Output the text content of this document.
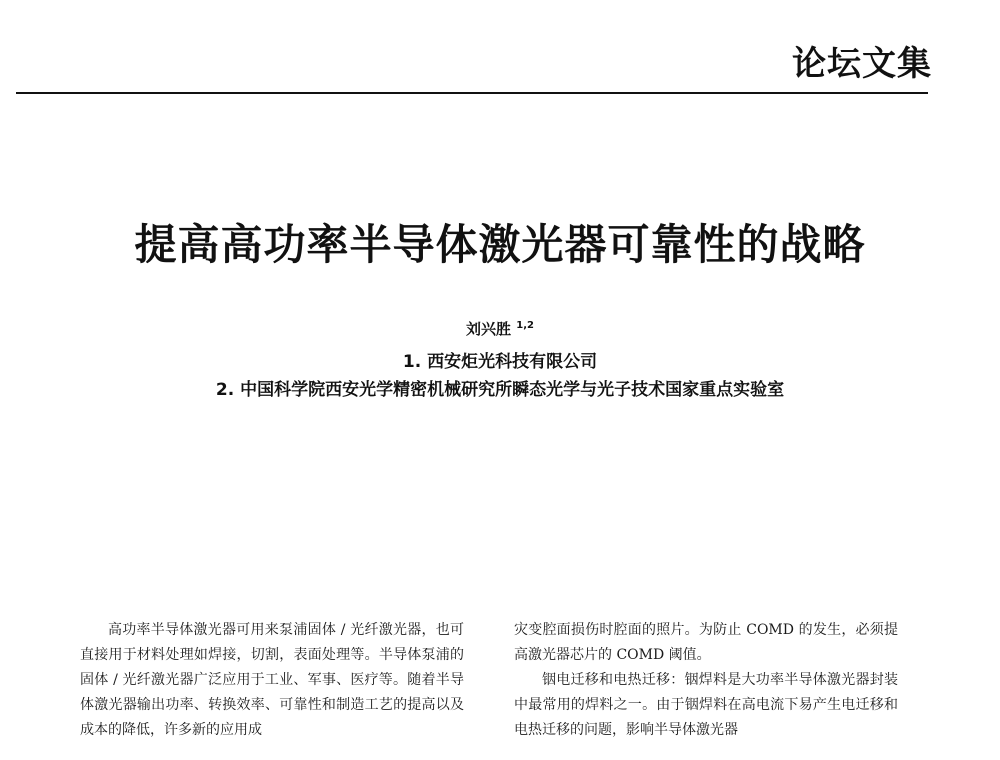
论坛文集
提高高功率半导体激光器可靠性的战略
刘兴胜 $^{1,2}$
1. 西安炬光科技有限公司
2. 中国科学院西安光学精密机械研究所瞬态光学与光子技术国家重点实验室

高功率半导体激光器可用来泵浦固体 / 光纤激光器，也可直接用于材料处理如焊接，切割，表面处理等。半导体泵浦的固体 / 光纤激光器广泛应用于工业、军事、医疗等。随着半导体激光器输出功率、转换效率、可靠性和制造工艺的提高以及成本的降低，许多新的应用成

灾变腔面损伤时腔面的照片。为防止 COMD 的发生，必须提高激光器芯片的 COMD 阈值。

铟电迁移和电热迁移：铟焊料是大功率半导体激光器封装中最常用的焊料之一。由于铟焊料在高电流下易产生电迁移和电热迁移的问题，影响半导体激光器
